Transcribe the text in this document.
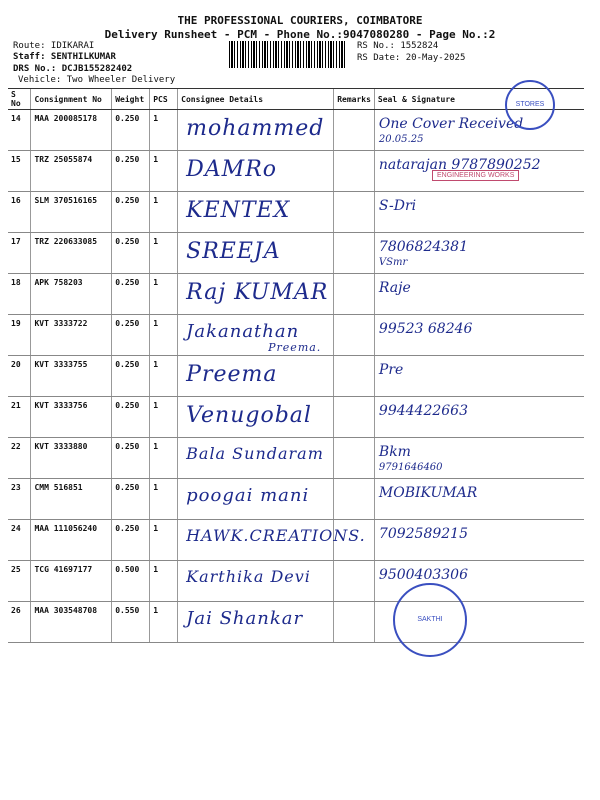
THE PROFESSIONAL COURIERS, COIMBATORE
Delivery Runsheet - PCM - Phone No.:9047080280 - Page No.:2
Route: IDIKARAI
Staff: SENTHILKUMAR
DRS No.: DCJB155282402
Vehicle: Two Wheeler Delivery
RS No.: 1552824
RS Date: 20-May-2025
S No	Consignment No	Weight	PCS	Consignee Details	Remarks	Seal & Signature
14	MAA 200085178	0.250	1	mohammed		One Cover Received
20.05.25

15	TRZ 25055874	0.250	1	DAMRo		natarajan 9787890252

16	SLM 370516165	0.250	1	KENTEX		S-Dri

17	TRZ 220633085	0.250	1	SREEJA		7806824381
VSmr

18	APK 758203	0.250	1	Raj KUMAR		Raje

19	KVT 3333722	0.250	1	Jakanathan
Preema.		99523 68246

20	KVT 3333755	0.250	1	Preema		Pre

21	KVT 3333756	0.250	1	Venugobal		9944422663

22	KVT 3333880	0.250	1	Bala Sundaram		Bkm
9791646460

23	CMM 516851	0.250	1	poogai mani		MOBIKUMAR

24	MAA 111056240	0.250	1	HAWK.CREATIONS.		7092589215

25	TCG 41697177	0.500	1	Karthika Devi		9500403306

26	MAA 303548708	0.550	1	Jai Shankar		

STORES
ENGINEERING WORKS
SAKTHI
